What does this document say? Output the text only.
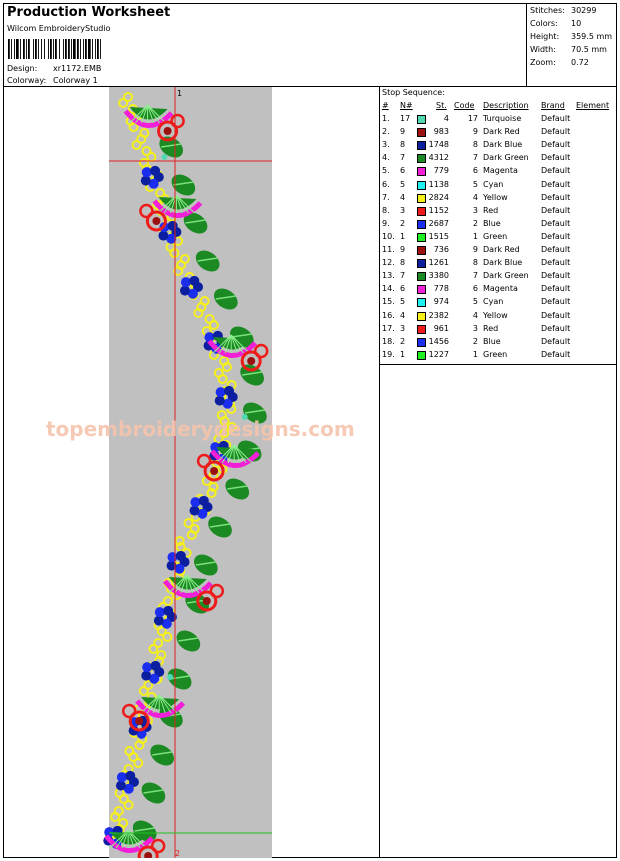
Production Worksheet
Wilcom EmbroideryStudio
Design: xr1172.EMB
Colorway: Colorway 1
Stitches: 30299
Colors: 10
Height: 359.5 mm
Width: 70.5 mm
Zoom: 0.72
1
2
topembroiderydesigns.com
Stop Sequence:
# N#	St. Code Description Brand Element
1. 17	4 17 Turquoise Default
2. 9	983	9 Dark Red	Default
3. 8	1748	8 Dark Blue Default
4. 7	4312	7 Dark Green Default
5. 6	779	6 Magenta	Default
6. 5	1138	5 Cyan	Default
7. 4	2824	4 Yellow	Default
8. 3	1152	3 Red	Default
9. 2	2687	2 Blue	Default
10. 1	1515	1 Green	Default
11. 9	736	9 Dark Red	Default
12. 8	1261	8 Dark Blue Default
13. 7	3380	7 Dark Green Default
14. 6	778	6 Magenta	Default
15. 5	974	5 Cyan	Default
16. 4	2382	4 Yellow	Default
17. 3	961	3 Red	Default
18. 2	1456	2 Blue	Default
19. 1	1227	1 Green	Default
